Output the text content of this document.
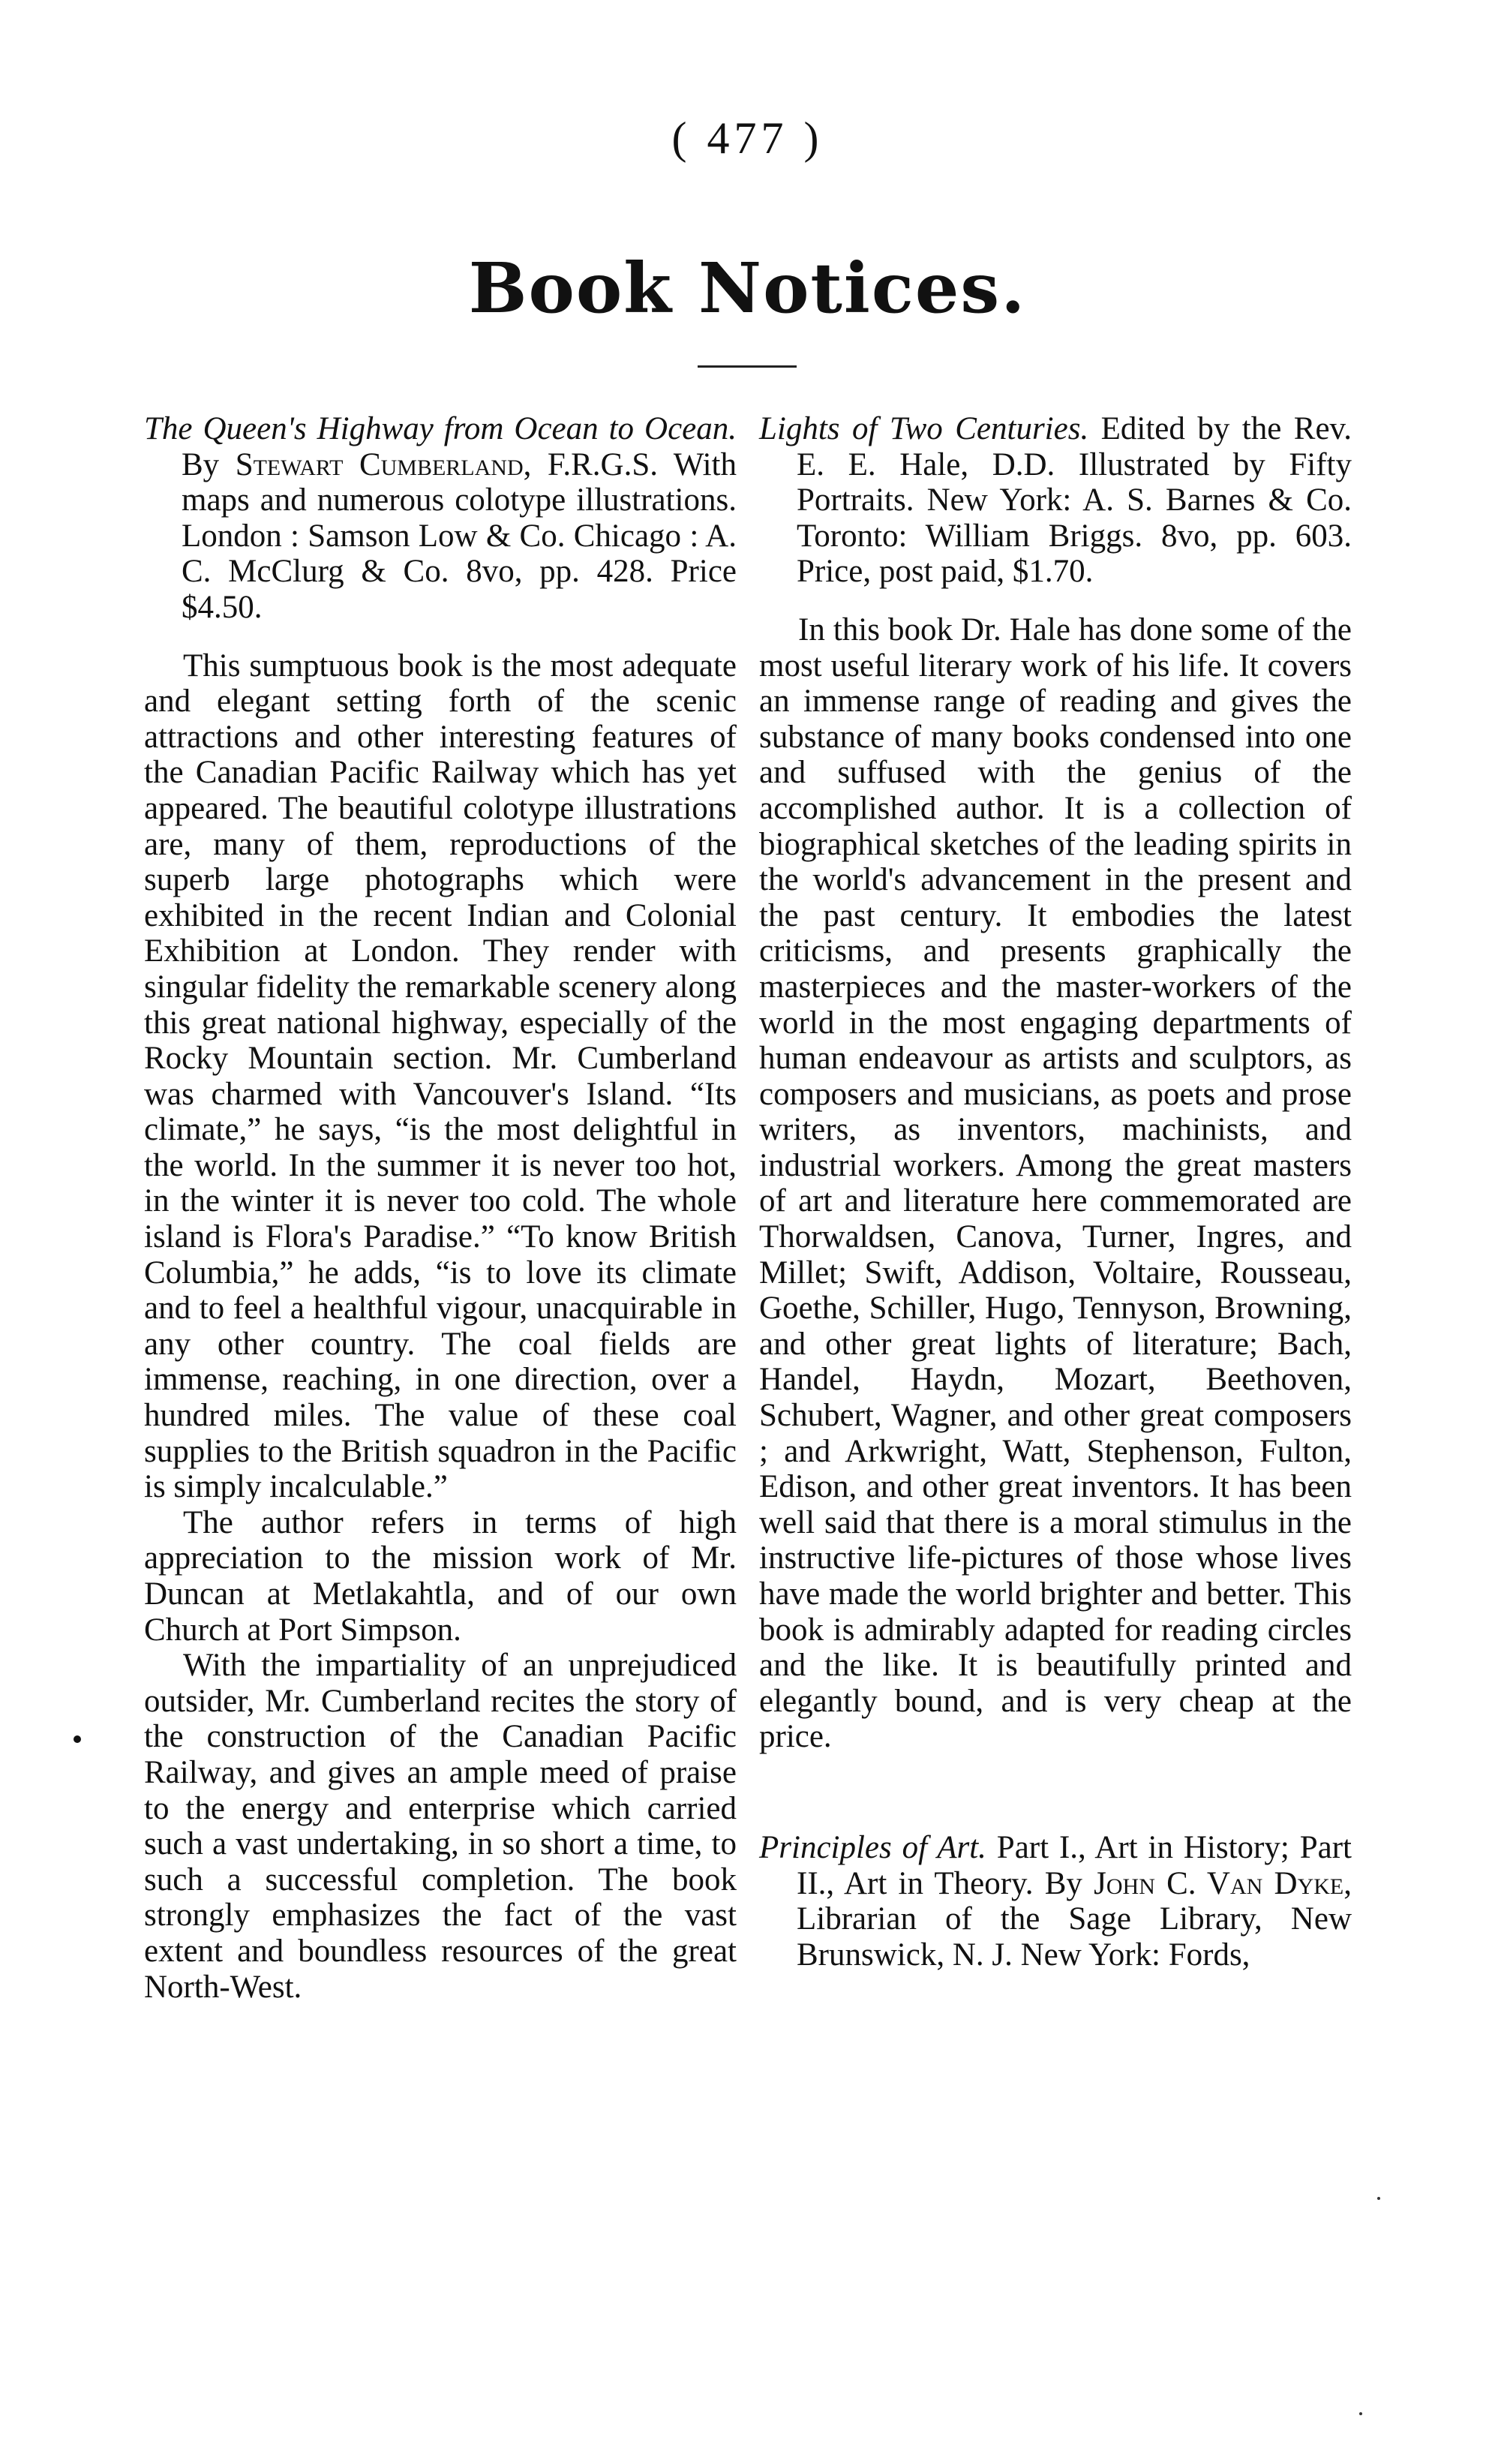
( 477 )
Book Notices.

The Queen's Highway from Ocean to Ocean. By Stewart Cumberland, F.R.G.S. With maps and numerous colotype illustrations. London : Samson Low & Co. Chicago : A. C. McClurg & Co. 8vo, pp. 428. Price $4.50.

This sumptuous book is the most adequate and elegant setting forth of the scenic attractions and other interesting features of the Canadian Pacific Railway which has yet appeared. The beautiful colotype illustrations are, many of them, reproductions of the superb large photographs which were exhibited in the recent Indian and Colonial Exhibition at London. They render with singular fidelity the remarkable scenery along this great national highway, especially of the Rocky Mountain section. Mr. Cumberland was charmed with Vancouver's Island. “Its climate,” he says, “is the most delightful in the world. In the summer it is never too hot, in the winter it is never too cold. The whole island is Flora's Paradise.” “To know British Columbia,” he adds, “is to love its climate and to feel a healthful vigour, unacquirable in any other country. The coal fields are immense, reaching, in one direction, over a hundred miles. The value of these coal supplies to the British squadron in the Pacific is simply incalculable.”

The author refers in terms of high appreciation to the mission work of Mr. Duncan at Metlakahtla, and of our own Church at Port Simpson.

With the impartiality of an unprejudiced outsider, Mr. Cumberland recites the story of the construction of the Canadian Pacific Railway, and gives an ample meed of praise to the energy and enterprise which carried such a vast undertaking, in so short a time, to such a successful completion. The book strongly emphasizes the fact of the vast extent and boundless resources of the great North-West.

Lights of Two Centuries. Edited by the Rev. E. E. Hale, D.D. Illustrated by Fifty Portraits. New York: A. S. Barnes & Co. Toronto: William Briggs. 8vo, pp. 603. Price, post paid, $1.70.

In this book Dr. Hale has done some of the most useful literary work of his life. It covers an immense range of reading and gives the substance of many books condensed into one and suffused with the genius of the accomplished author. It is a collection of biographical sketches of the leading spirits in the world's advancement in the present and the past century. It embodies the latest criticisms, and presents graphically the masterpieces and the master-workers of the world in the most engaging departments of human endeavour as artists and sculptors, as composers and musicians, as poets and prose writers, as inventors, machinists, and industrial workers. Among the great masters of art and literature here commemorated are Thorwaldsen, Canova, Turner, Ingres, and Millet; Swift, Addison, Voltaire, Rousseau, Goethe, Schiller, Hugo, Tennyson, Browning, and other great lights of literature; Bach, Handel, Haydn, Mozart, Beethoven, Schubert, Wagner, and other great composers ; and Arkwright, Watt, Stephenson, Fulton, Edison, and other great inventors. It has been well said that there is a moral stimulus in the instructive life-pictures of those whose lives have made the world brighter and better. This book is admirably adapted for reading circles and the like. It is beautifully printed and elegantly bound, and is very cheap at the price.

Principles of Art. Part I., Art in History; Part II., Art in Theory. By John C. Van Dyke, Librarian of the Sage Library, New Brunswick, N. J. New York: Fords,
